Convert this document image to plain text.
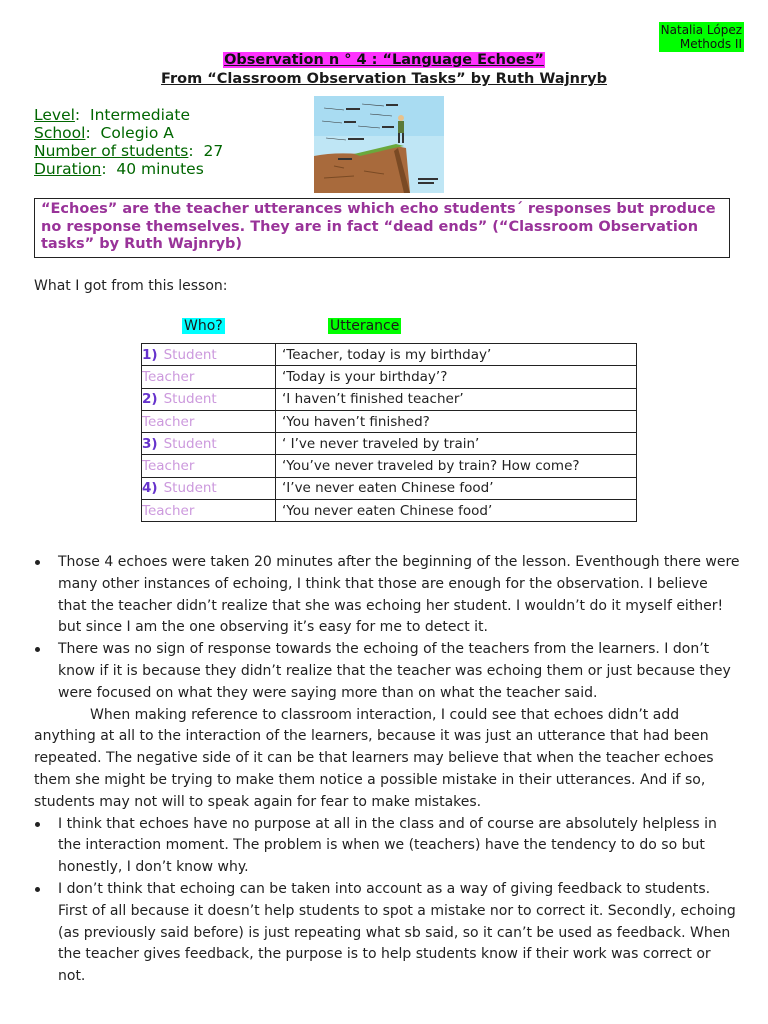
Natalia López
Methods II
Observation n ° 4 : “Language Echoes”
From “Classroom Observation Tasks” by Ruth Wajnryb
Level:  Intermediate
School:  Colegio A
Number of students:  27
Duration:  40 minutes
“Echoes” are the teacher utterances which echo students´ responses but produce no response themselves. They are in fact “dead ends” (“Classroom Observation tasks” by Ruth Wajnryb)
What I got from this lesson:
Who?	Utterance
1) Student	‘Teacher, today is my birthday’
Teacher	‘Today is your birthday’?
2) Student	‘I haven’t finished teacher’
Teacher	‘You haven’t finished?
3) Student	‘ I’ve never traveled by train’
Teacher	‘You’ve never traveled by train? How come?
4) Student	‘I’ve never eaten Chinese food’
Teacher	‘You never eaten Chinese food’
Those 4 echoes were taken 20 minutes after the beginning of the lesson. Eventhough there were many other instances of echoing, I think that those are enough for the observation. I believe that the teacher didn’t realize that she was echoing her student. I wouldn’t do it myself either! but since I am the one observing it’s easy for me to detect it.
There was no sign of response towards the echoing of the teachers from the learners. I don’t know if it is because they didn’t realize that the teacher was echoing them or just because they were focused on what they were saying more than on what the teacher said.

When making reference to classroom interaction, I could see that echoes didn’t add anything at all to the interaction of the learners, because it was just an utterance that had been repeated. The negative side of it can be that learners may believe that when the teacher echoes them she might be trying to make them notice a possible mistake in their utterances. And if so, students may not will to speak again for fear to make mistakes.

I think that echoes have no purpose at all in the class and of course are absolutely helpless in the interaction moment. The problem is when we (teachers) have the tendency to do so but honestly, I don’t know why.
I don’t think that echoing can be taken into account as a way of giving feedback to students. First of all because it doesn’t help students to spot a mistake nor to correct it. Secondly, echoing (as previously said before) is just repeating what sb said, so it can’t be used as feedback. When the teacher gives feedback, the purpose is to help students know if their work was correct or not.
